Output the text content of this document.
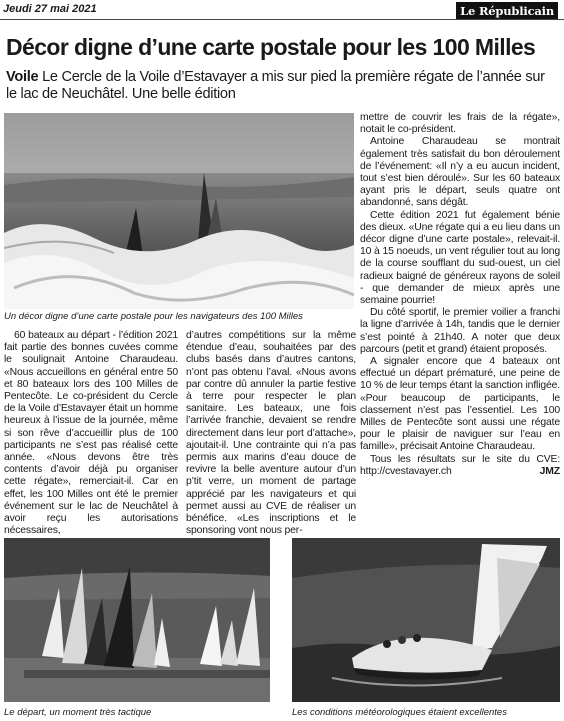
Jeudi 27 mai 2021	Le Républicain
Décor digne d’une carte postale pour les 100 Milles

Voile Le Cercle de la Voile d’Estavayer a mis sur pied la première régate de l’année sur le lac de Neuchâtel. Une belle édition

Un décor digne d’une carte postale pour les navigateurs des 100 Milles

mettre de couvrir les frais de la régate», notait le co-président.

Antoine Charaudeau se montrait également très satisfait du bon déroulement de l’événement: «Il n’y a eu aucun incident, tout s’est bien déroulé». Sur les 60 bateaux ayant pris le départ, seuls quatre ont abandonné, sans dégât.

Cette édition 2021 fut également bénie des dieux. «Une régate qui a eu lieu dans un décor digne d’une carte postale», relevait-il. 10 à 15 noeuds, un vent régulier tout au long de la course soufflant du sud-ouest, un ciel radieux baigné de généreux rayons de soleil - que demander de mieux après une semaine pourrie!

Du côté sportif, le premier voilier a franchi la ligne d’arrivée à 14h, tandis que le dernier s’est pointé à 21h40. A noter que deux parcours (petit et grand) étaient proposés.

A signaler encore que 4 bateaux ont effectué un départ prématuré, une peine de 10 % de leur temps étant la sanction infligée. «Pour beaucoup de participants, le classement n’est pas l’essentiel. Les 100 Milles de Pentecôte sont aussi une régate pour le plaisir de naviguer sur l’eau en famille», précisait Antoine Charaudeau.

Tous les résultats sur le site du CVE: http://cvestavayer.ch	JMZ

60 bateaux au départ - l’édition 2021 fait partie des bonnes cuvées comme le soulignait Antoine Charaudeau. «Nous accueillons en général entre 50 et 80 bateaux lors des 100 Milles de Pentecôte. Le co-président du Cercle de la Voile d’Estavayer était un homme heureux à l’issue de la journée, même si son rêve d’accueillir plus de 100 participants ne s’est pas réalisé cette année. «Nous devons être très contents d’avoir déjà pu organiser cette régate», remerciait-il. Car en effet, les 100 Milles ont été le premier événement sur le lac de Neuchâtel à avoir reçu les autorisations nécessaires,

d’autres compétitions sur la même étendue d’eau, souhaitées par des clubs basés dans d’autres cantons, n’ont pas obtenu l’aval. «Nous avons par contre dû annuler la partie festive à terre pour respecter le plan sanitaire. Les bateaux, une fois l’arrivée franchie, devaient se rendre directement dans leur port d’attache», ajoutait-il. Une contrainte qui n’a pas permis aux marins d’eau douce de revivre la belle aventure autour d’un p’tit verre, un moment de partage apprécié par les navigateurs et qui permet aussi au CVE de réaliser un bénéfice. «Les inscriptions et le sponsoring vont nous per-

Le départ, un moment très tactique	Les conditions météorologiques étaient excellentes
